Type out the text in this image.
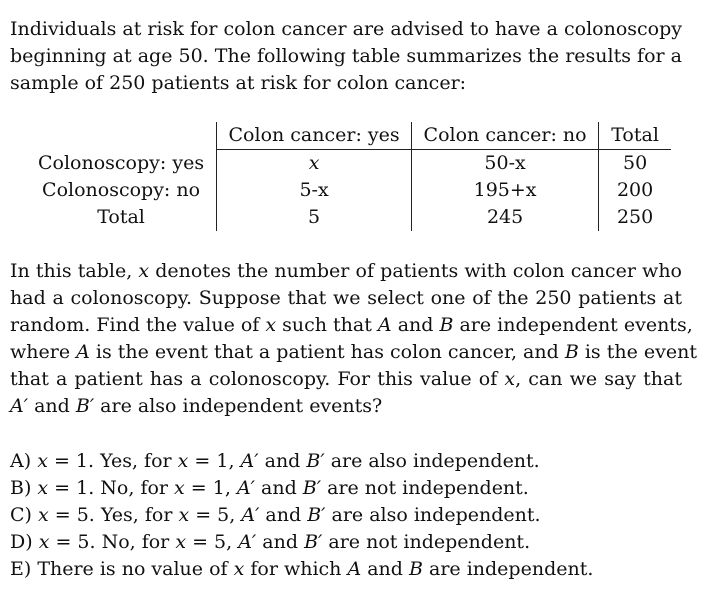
Individuals at risk for colon cancer are advised to have a colonoscopy
beginning at age 50. The following table summarizes the results for a
sample of 250 patients at risk for colon cancer:
	Colon cancer: yes	Colon cancer: no	Total
Colonoscopy: yes	x	50-x	50
Colonoscopy: no	5-x	195+x	200
Total	5	245	250
In this table, x denotes the number of patients with colon cancer who
had a colonoscopy. Suppose that we select one of the 250 patients at
random. Find the value of x such that A and B are independent events,
where A is the event that a patient has colon cancer, and B is the event
that a patient has a colonoscopy. For this value of x, can we say that
A′ and B′ are also independent events?
A) x = 1. Yes, for x = 1, A′ and B′ are also independent.
B) x = 1. No, for x = 1, A′ and B′ are not independent.
C) x = 5. Yes, for x = 5, A′ and B′ are also independent.
D) x = 5. No, for x = 5, A′ and B′ are not independent.
E) There is no value of x for which A and B are independent.
